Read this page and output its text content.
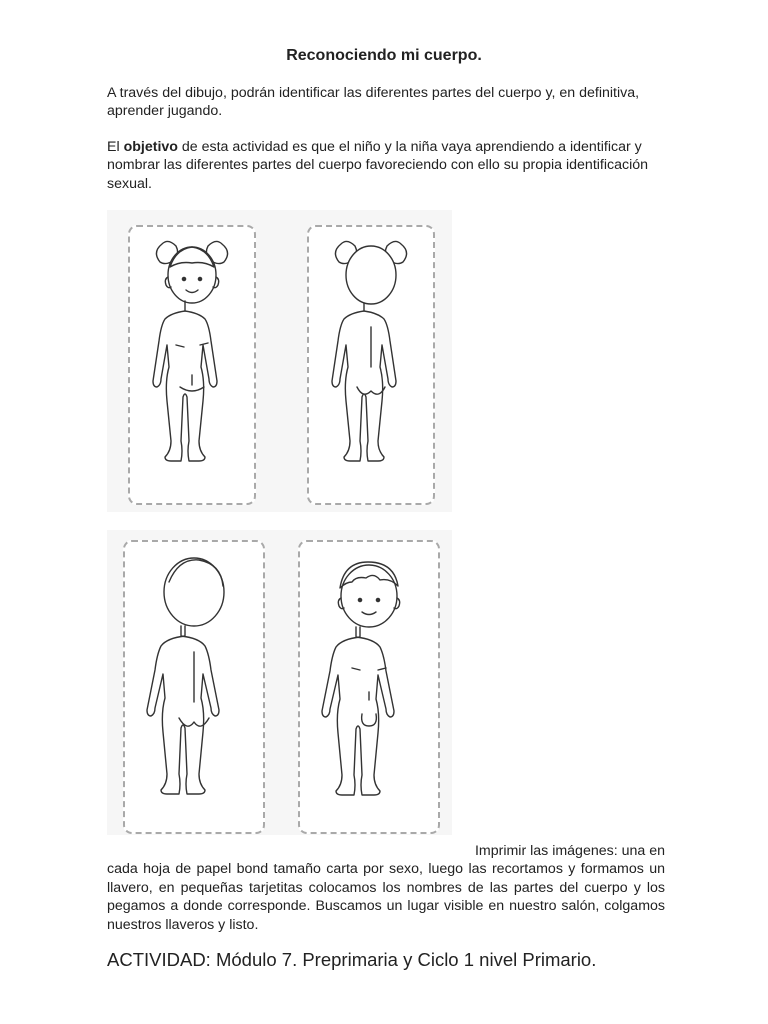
Reconociendo mi cuerpo.
A través del dibujo, podrán identificar las diferentes partes del cuerpo y, en definitiva, aprender jugando.
El objetivo de esta actividad es que el niño y la niña vaya aprendiendo a identificar y nombrar las diferentes partes del cuerpo favoreciendo con ello su propia identificación sexual.
Imprimir las imágenes: una en
cada hoja de papel bond tamaño carta por sexo, luego las recortamos y formamos un llavero, en pequeñas tarjetitas colocamos los nombres de las partes del cuerpo y los pegamos a donde corresponde. Buscamos un lugar visible en nuestro salón, colgamos nuestros llaveros y listo.
ACTIVIDAD: Módulo 7. Preprimaria y Ciclo 1 nivel Primario.
